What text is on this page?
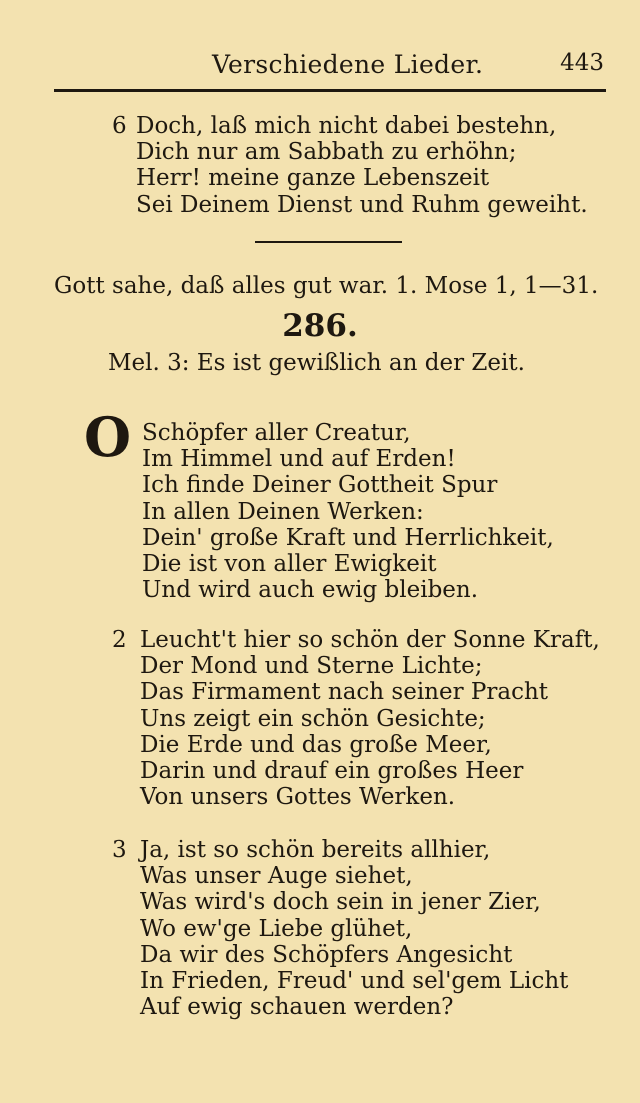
Verschiedene Lieder.	443
6 Doch, laß mich nicht dabei bestehn,
Dich nur am Sabbath zu erhöhn;
Herr! meine ganze Lebenszeit
Sei Deinem Dienst und Ruhm geweiht.
Gott sahe, daß alles gut war. 1. Mose 1, 1—31.
286.
Mel. 3: Es ist gewißlich an der Zeit.
O Schöpfer aller Creatur,
Im Himmel und auf Erden!
Ich finde Deiner Gottheit Spur
In allen Deinen Werken:
Dein' große Kraft und Herrlichkeit,
Die ist von aller Ewigkeit
Und wird auch ewig bleiben.
2 Leucht't hier so schön der Sonne Kraft,
Der Mond und Sterne Lichte;
Das Firmament nach seiner Pracht
Uns zeigt ein schön Gesichte;
Die Erde und das große Meer,
Darin und drauf ein großes Heer
Von unsers Gottes Werken.
3 Ja, ist so schön bereits allhier,
Was unser Auge siehet,
Was wird's doch sein in jener Zier,
Wo ew'ge Liebe glühet,
Da wir des Schöpfers Angesicht
In Frieden, Freud' und sel'gem Licht
Auf ewig schauen werden?
